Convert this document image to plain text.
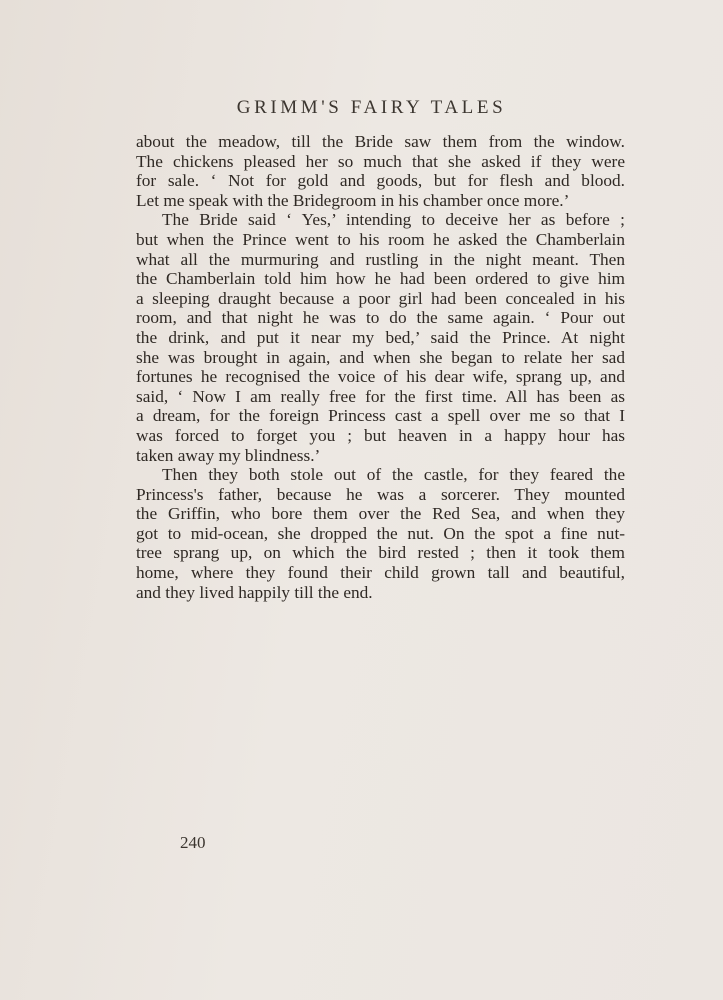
GRIMM'S FAIRY TALES
about the meadow, till the Bride saw them from the window.
The chickens pleased her so much that she asked if they were
for sale. ‘ Not for gold and goods, but for flesh and blood.
Let me speak with the Bridegroom in his chamber once more.’
The Bride said ‘ Yes,’ intending to deceive her as before ;
but when the Prince went to his room he asked the Chamberlain
what all the murmuring and rustling in the night meant. Then
the Chamberlain told him how he had been ordered to give him
a sleeping draught because a poor girl had been concealed in his
room, and that night he was to do the same again. ‘ Pour out
the drink, and put it near my bed,’ said the Prince. At night
she was brought in again, and when she began to relate her sad
fortunes he recognised the voice of his dear wife, sprang up, and
said, ‘ Now I am really free for the first time. All has been as
a dream, for the foreign Princess cast a spell over me so that I
was forced to forget you ; but heaven in a happy hour has
taken away my blindness.’
Then they both stole out of the castle, for they feared the
Princess's father, because he was a sorcerer. They mounted
the Griffin, who bore them over the Red Sea, and when they
got to mid-ocean, she dropped the nut. On the spot a fine nut-
tree sprang up, on which the bird rested ; then it took them
home, where they found their child grown tall and beautiful,
and they lived happily till the end.
240
